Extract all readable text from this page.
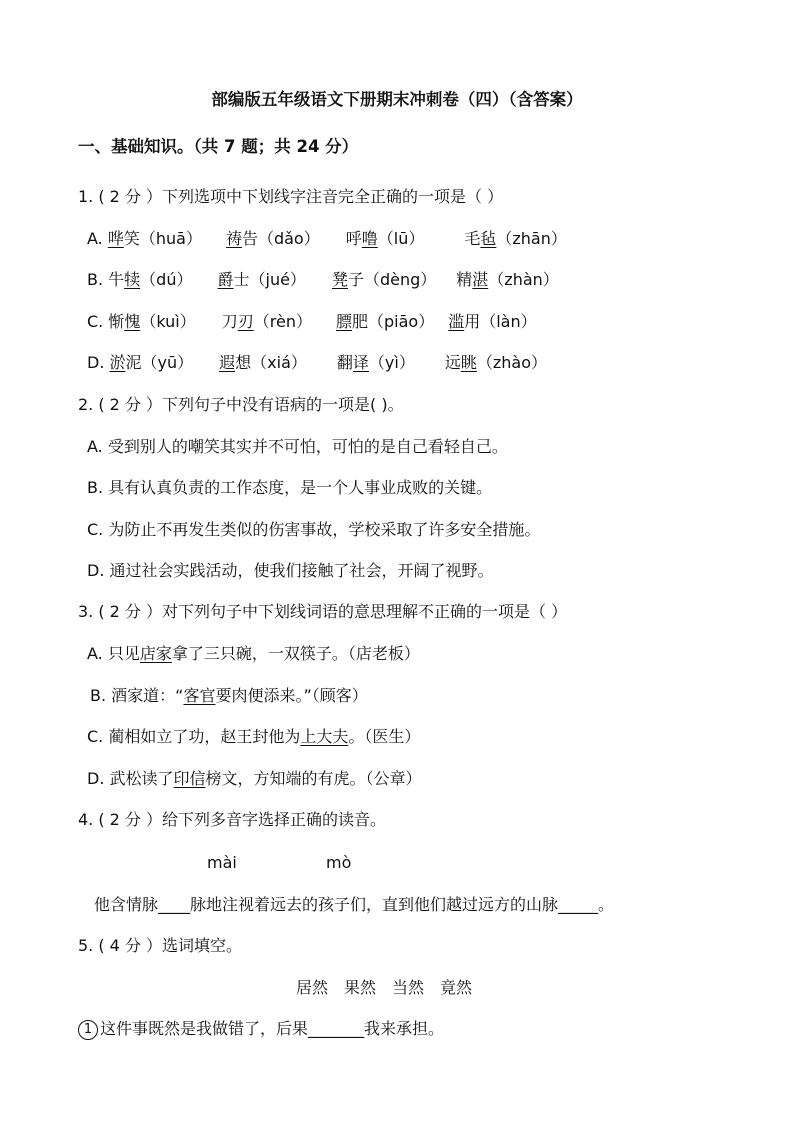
部编版五年级语文下册期末冲刺卷（四）（含答案）
一、基础知识。（共 7 题；共 24 分）
1. ( 2 分 ）下列选项中下划线字注音完全正确的一项是（ ）
A. 哗笑（huā） 祷告（dǎo） 呼噜（lū）	毛毡（zhān）
B. 牛犊（dú） 爵士（jué） 凳子（dèng） 精湛（zhàn）
C. 惭愧（kuì） 刀刃（rèn） 膘肥（piāo） 滥用（làn）
D. 淤泥（yū） 遐想（xiá） 翻译（yì） 远眺（zhào）
2. ( 2 分 ）下列句子中没有语病的一项是( )。
A. 受到别人的嘲笑其实并不可怕，可怕的是自己看轻自己。
B. 具有认真负责的工作态度，是一个人事业成败的关键。
C. 为防止不再发生类似的伤害事故，学校采取了许多安全措施。
D. 通过社会实践活动，使我们接触了社会，开阔了视野。
3. ( 2 分 ）对下列句子中下划线词语的意思理解不正确的一项是（ ）
A. 只见店家拿了三只碗，一双筷子。（店老板）
B. 酒家道：“客官要肉便添来。”（顾客）
C. 蔺相如立了功，赵王封他为上大夫。（医生）
D. 武松读了印信榜文，方知端的有虎。（公章）
4. ( 2 分 ）给下列多音字选择正确的读音。
mài	mò
他含情脉____脉地注视着远去的孩子们，直到他们越过远方的山脉_____。
5. ( 4 分 ）选词填空。
居然 果然 当然 竟然
1 这件事既然是我做错了，后果_______我来承担。
